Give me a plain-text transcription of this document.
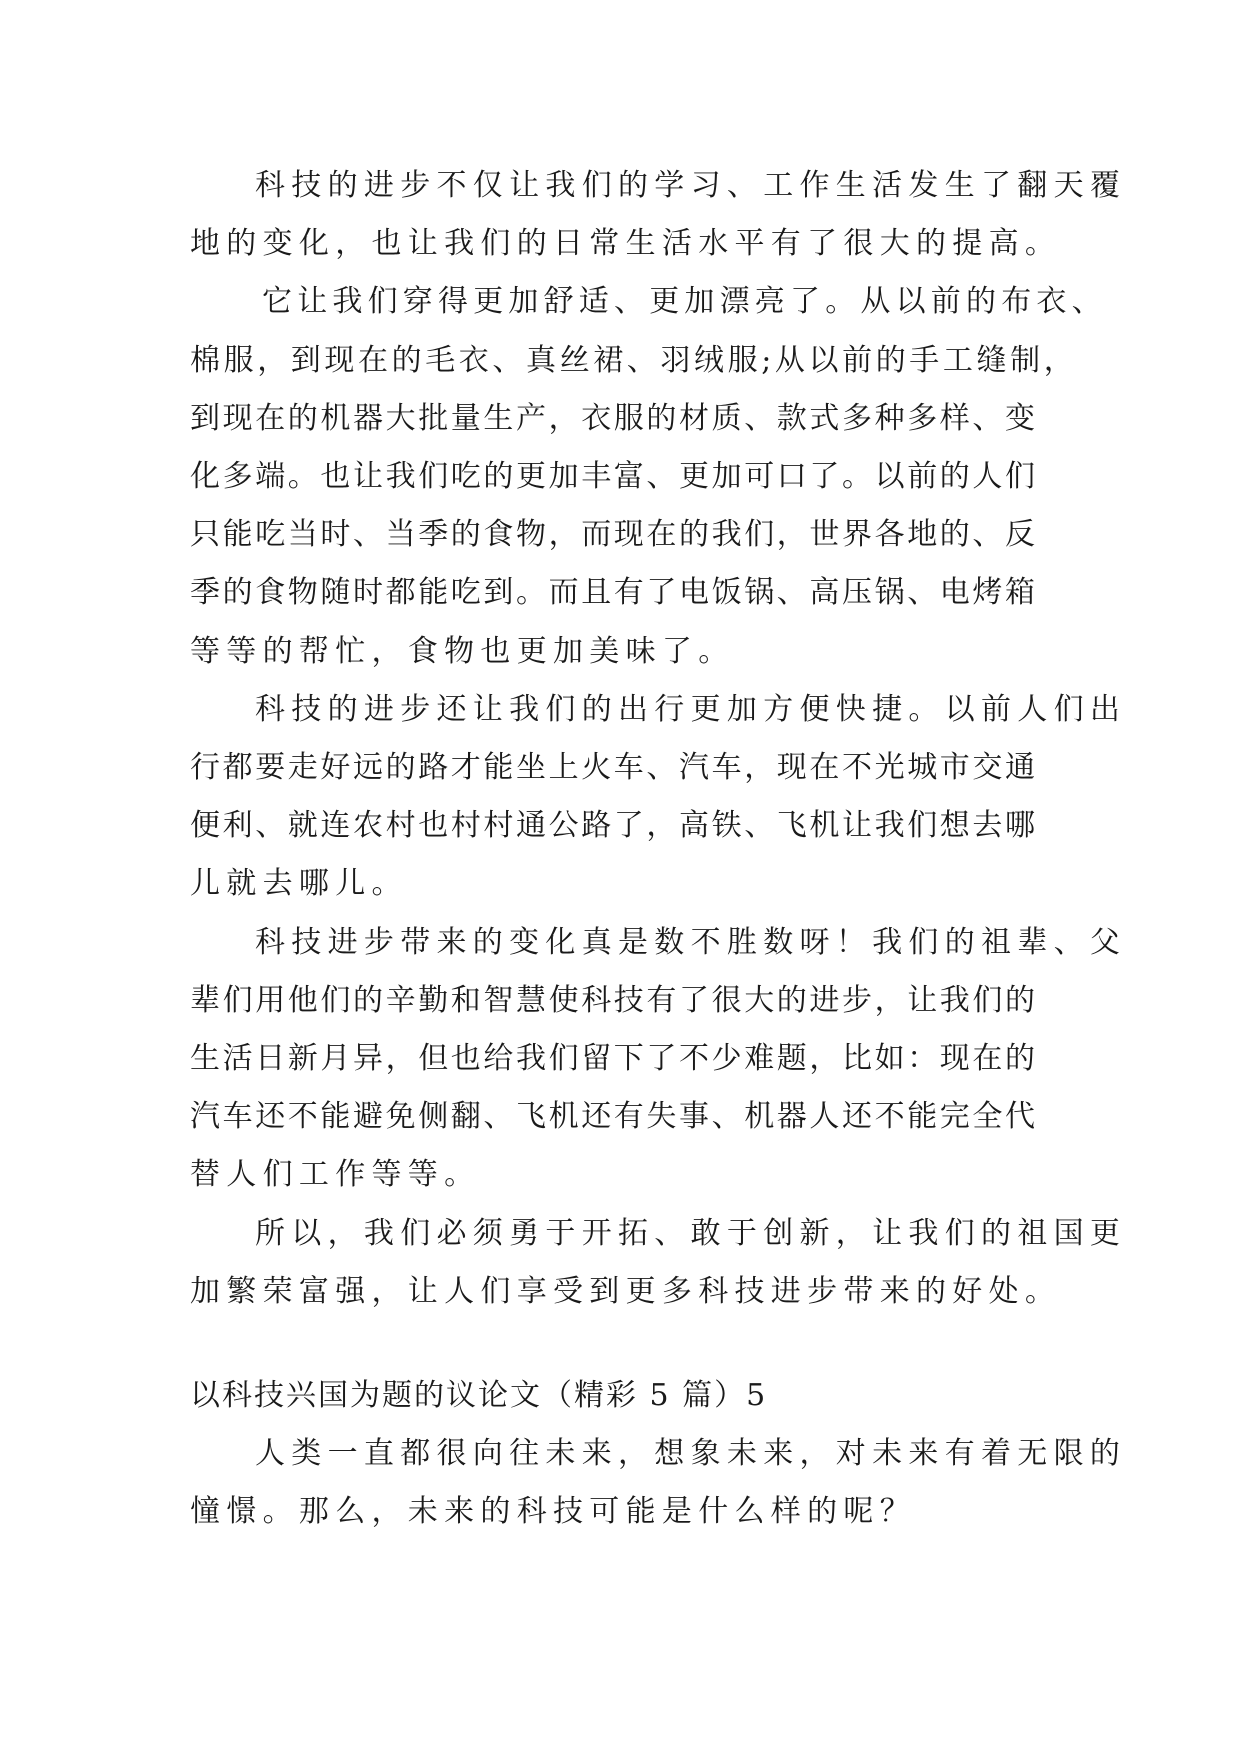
科技的进步不仅让我们的学习、工作生活发生了翻天覆
地的变化，也让我们的日常生活水平有了很大的提高。
它让我们穿得更加舒适、更加漂亮了。从以前的布衣、
棉服，到现在的毛衣、真丝裙、羽绒服;从以前的手工缝制，
到现在的机器大批量生产，衣服的材质、款式多种多样、变
化多端。也让我们吃的更加丰富、更加可口了。以前的人们
只能吃当时、当季的食物，而现在的我们，世界各地的、反
季的食物随时都能吃到。而且有了电饭锅、高压锅、电烤箱
等等的帮忙，食物也更加美味了。
科技的进步还让我们的出行更加方便快捷。以前人们出
行都要走好远的路才能坐上火车、汽车，现在不光城市交通
便利、就连农村也村村通公路了，高铁、飞机让我们想去哪
儿就去哪儿。
科技进步带来的变化真是数不胜数呀！我们的祖辈、父
辈们用他们的辛勤和智慧使科技有了很大的进步，让我们的
生活日新月异，但也给我们留下了不少难题，比如：现在的
汽车还不能避免侧翻、飞机还有失事、机器人还不能完全代
替人们工作等等。
所以，我们必须勇于开拓、敢于创新，让我们的祖国更
加繁荣富强，让人们享受到更多科技进步带来的好处。
以科技兴国为题的议论文（精彩 5 篇）5
人类一直都很向往未来，想象未来，对未来有着无限的
憧憬。那么，未来的科技可能是什么样的呢？
